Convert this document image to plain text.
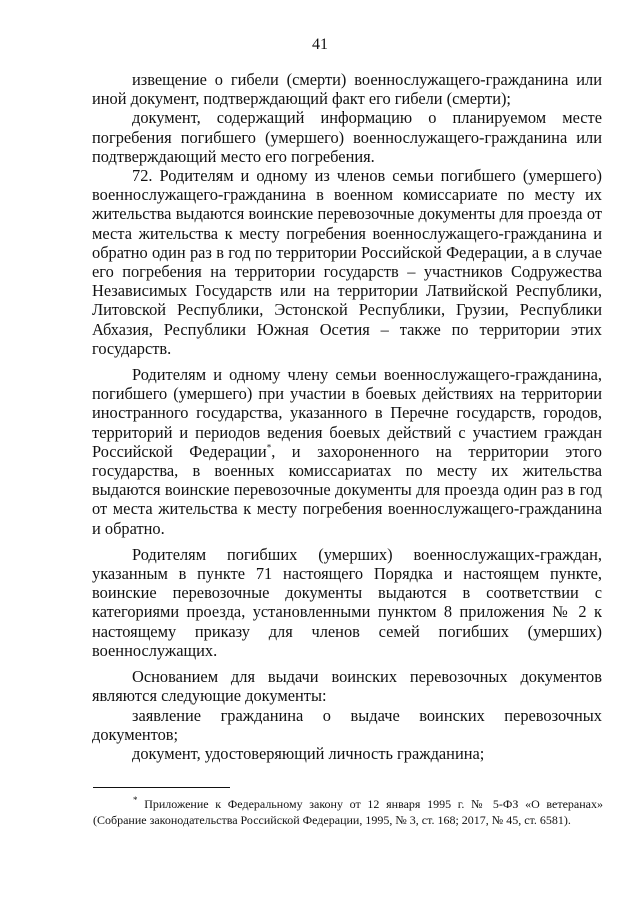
41

извещение о гибели (смерти) военнослужащего-гражданина или иной документ, подтверждающий факт его гибели (смерти);

документ, содержащий информацию о планируемом месте погребения погибшего (умершего) военнослужащего-гражданина или подтверждающий место его погребения.

72. Родителям и одному из членов семьи погибшего (умершего) военнослужащего-гражданина в военном комиссариате по месту их жительства выдаются воинские перевозочные документы для проезда от места жительства к месту погребения военнослужащего-гражданина и обратно один раз в год по территории Российской Федерации, а в случае его погребения на территории государств – участников Содружества Независимых Государств или на территории Латвийской Республики, Литовской Республики, Эстонской Республики, Грузии, Республики Абхазия, Республики Южная Осетия – также по территории этих государств.

Родителям и одному члену семьи военнослужащего-гражданина, погибшего (умершего) при участии в боевых действиях на территории иностранного государства, указанного в Перечне государств, городов, территорий и периодов ведения боевых действий с участием граждан Российской Федерации*, и захороненного на территории этого государства, в военных комиссариатах по месту их жительства выдаются воинские перевозочные документы для проезда один раз в год от места жительства к месту погребения военнослужащего-гражданина и обратно.

Родителям погибших (умерших) военнослужащих-граждан, указанным в пункте 71 настоящего Порядка и настоящем пункте, воинские перевозочные документы выдаются в соответствии с категориями проезда, установленными пунктом 8 приложения № 2 к настоящему приказу для членов семей погибших (умерших) военнослужащих.

Основанием для выдачи воинских перевозочных документов являются следующие документы:

заявление гражданина о выдаче воинских перевозочных документов;

документ, удостоверяющий личность гражданина;

* Приложение к Федеральному закону от 12 января 1995 г. № 5-ФЗ «О ветеранах» (Собрание законодательства Российской Федерации, 1995, № 3, ст. 168; 2017, № 45, ст. 6581).
